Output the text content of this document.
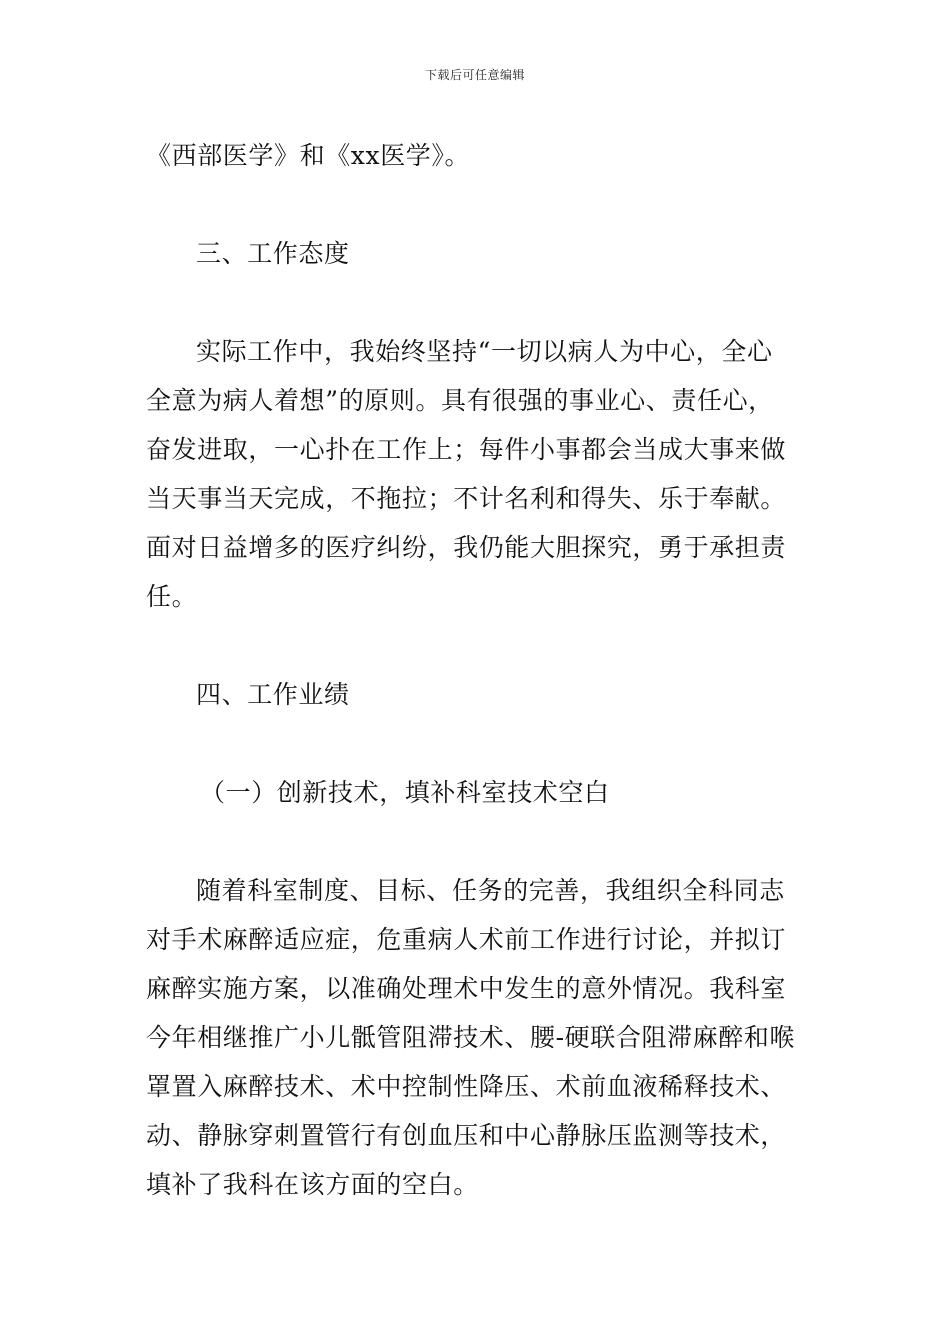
下载后可任意编辑
《西部医学》和《xx医学》。
三、工作态度
实际工作中，我始终坚持“一切以病人为中心，全心
全意为病人着想”的原则。具有很强的事业心、责任心，
奋发进取，一心扑在工作上；每件小事都会当成大事来做
当天事当天完成，不拖拉；不计名利和得失、乐于奉献。
面对日益增多的医疗纠纷，我仍能大胆探究，勇于承担责
任。
四、工作业绩
（一）创新技术，填补科室技术空白
随着科室制度、目标、任务的完善，我组织全科同志
对手术麻醉适应症，危重病人术前工作进行讨论，并拟订
麻醉实施方案，以准确处理术中发生的意外情况。我科室
今年相继推广小儿骶管阻滞技术、腰-硬联合阻滞麻醉和喉
罩置入麻醉技术、术中控制性降压、术前血液稀释技术、
动、静脉穿刺置管行有创血压和中心静脉压监测等技术，
填补了我科在该方面的空白。
